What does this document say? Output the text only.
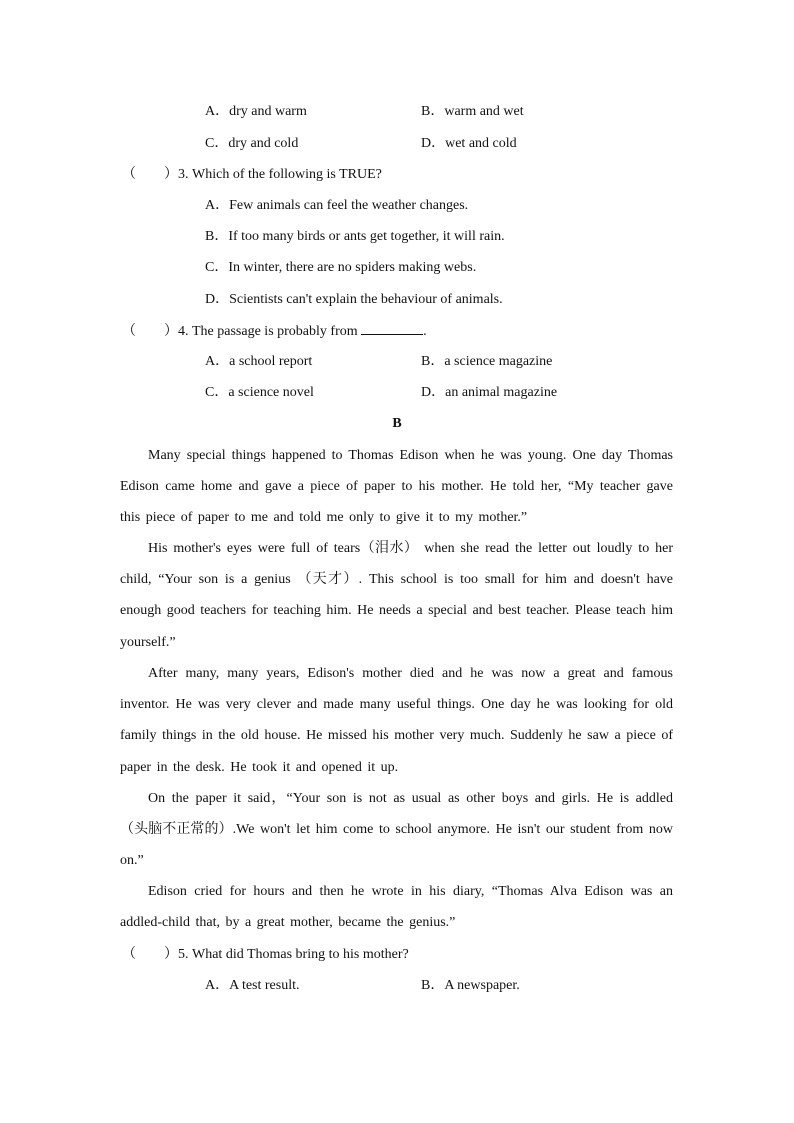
A．dry and warm	B．warm and wet
C．dry and cold	D．wet and cold
（　　）3. Which of the following is TRUE?
A．Few animals can feel the weather changes.
B．If too many birds or ants get together, it will rain.
C．In winter, there are no spiders making webs.
D．Scientists can't explain the behaviour of animals.
（　　）4. The passage is probably from	.
A．a school report	B．a science magazine
C．a science novel	D．an animal magazine
B
Many special things happened to Thomas Edison when he was young. One day Thomas Edison came home and gave a piece of paper to his mother. He told her, “My teacher gave this piece of paper to me and told me only to give it to my mother.”
His mother's eyes were full of tears（泪水） when she read the letter out loudly to her child, “Your son is a genius （天才）. This school is too small for him and doesn't have enough good teachers for teaching him. He needs a special and best teacher. Please teach him yourself.”
After many, many years, Edison's mother died and he was now a great and famous inventor. He was very clever and made many useful things. One day he was looking for old family things in the old house. He missed his mother very much. Suddenly he saw a piece of paper in the desk. He took it and opened it up.
On the paper it said，“Your son is not as usual as other boys and girls. He is addled（头脑不正常的）.We won't let him come to school anymore. He isn't our student from now on.”
Edison cried for hours and then he wrote in his diary, “Thomas Alva Edison was an addled-child that, by a great mother, became the genius.”
（　　）5. What did Thomas bring to his mother?
A．A test result.	B．A newspaper.
